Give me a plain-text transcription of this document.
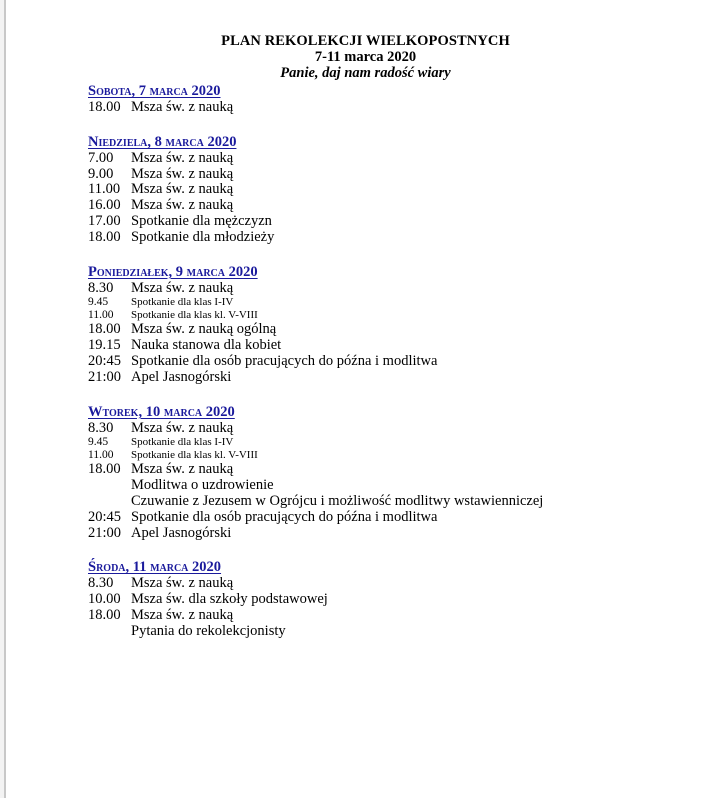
PLAN REKOLEKCJI WIELKOPOSTNYCH
7-11 marca 2020
Panie, daj nam radość wiary
Sobota, 7 marca 2020
18.00 Msza św. z nauką
Niedziela, 8 marca 2020
7.00	Msza św. z nauką
9.00	Msza św. z nauką
11.00 Msza św. z nauką
16.00 Msza św. z nauką
17.00 Spotkanie dla mężczyzn
18.00 Spotkanie dla młodzieży
Poniedziałek, 9 marca 2020
8.30	Msza św. z nauką
9.45	Spotkanie dla klas I-IV
11.00	Spotkanie dla klas kl. V-VIII
18.00 Msza św. z nauką ogólną
19.15 Nauka stanowa dla kobiet
20:45 Spotkanie dla osób pracujących do późna i modlitwa
21:00 Apel Jasnogórski
Wtorek, 10 marca 2020
8.30	Msza św. z nauką
9.45	Spotkanie dla klas I-IV
11.00	Spotkanie dla klas kl. V-VIII
18.00 Msza św. z nauką
Modlitwa o uzdrowienie
Czuwanie z Jezusem w Ogrójcu i możliwość modlitwy wstawienniczej
20:45 Spotkanie dla osób pracujących do późna i modlitwa
21:00 Apel Jasnogórski
Środa, 11 marca 2020
8.30	Msza św. z nauką
10.00 Msza św. dla szkoły podstawowej
18.00 Msza św. z nauką
Pytania do rekolekcjonisty
